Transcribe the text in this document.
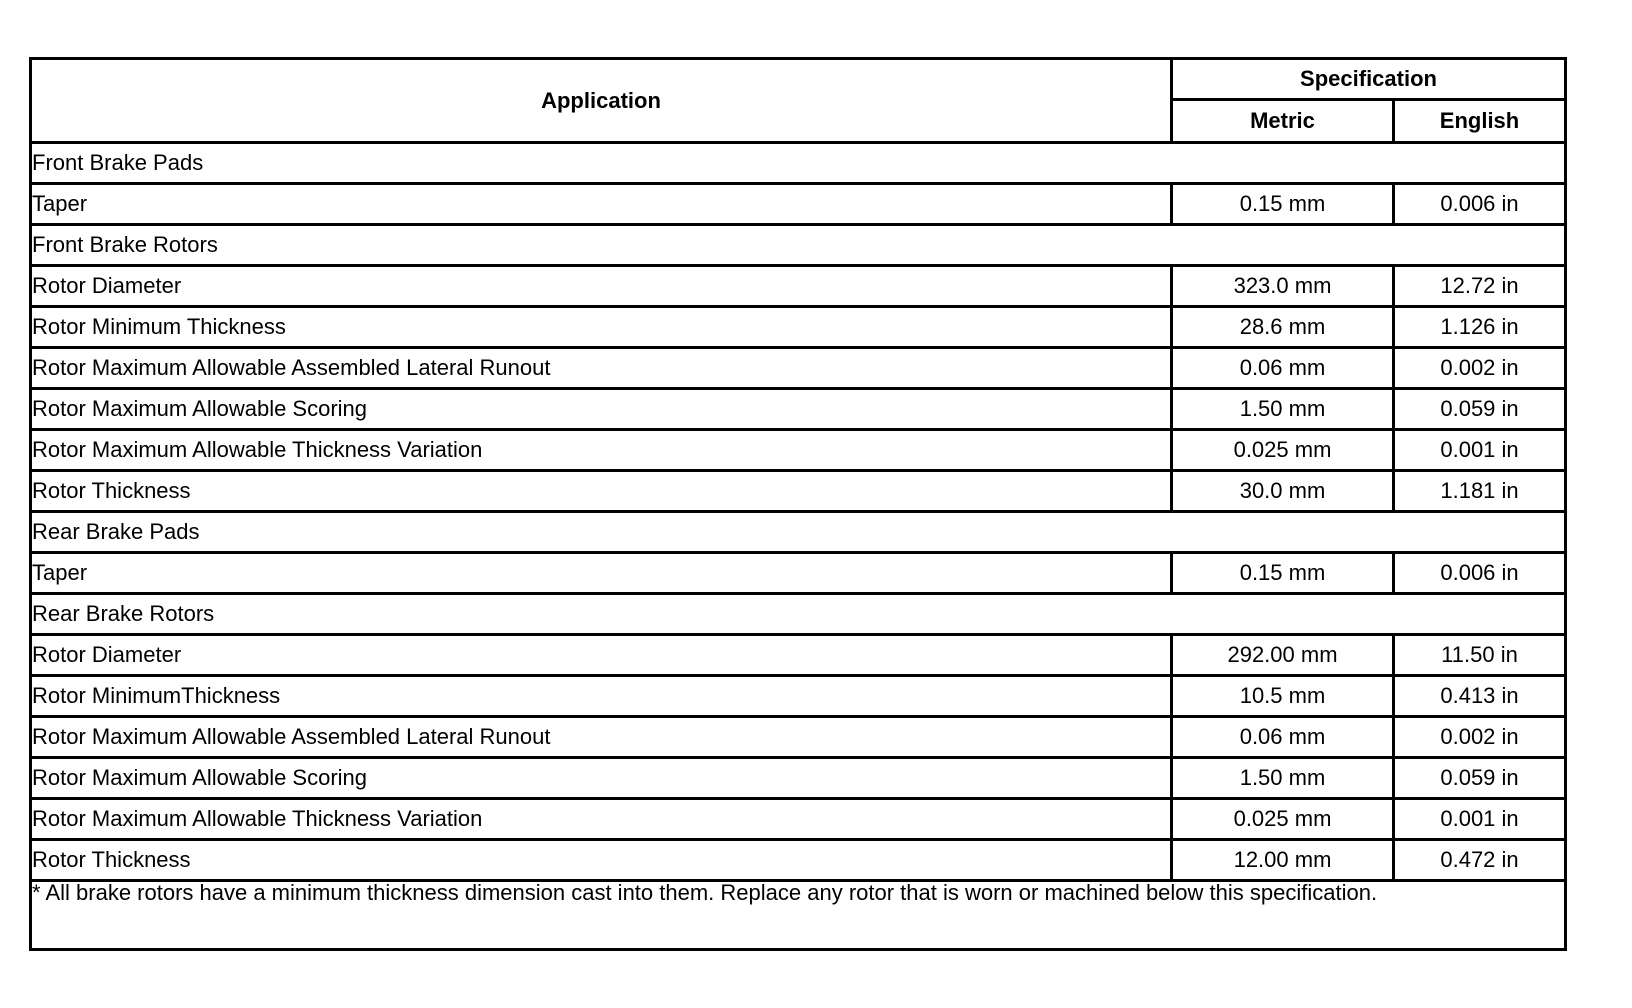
Application	Specification	
	Metric	English
Front Brake Pads		
Taper	0.15 mm	0.006 in
Front Brake Rotors		
Rotor Diameter	323.0 mm	12.72 in
Rotor Minimum Thickness	28.6 mm	1.126 in
Rotor Maximum Allowable Assembled Lateral Runout	0.06 mm	0.002 in
Rotor Maximum Allowable Scoring	1.50 mm	0.059 in
Rotor Maximum Allowable Thickness Variation	0.025 mm	0.001 in
Rotor Thickness	30.0 mm	1.181 in
Rear Brake Pads		
Taper	0.15 mm	0.006 in
Rear Brake Rotors		
Rotor Diameter	292.00 mm	11.50 in
Rotor MinimumThickness	10.5 mm	0.413 in
Rotor Maximum Allowable Assembled Lateral Runout	0.06 mm	0.002 in
Rotor Maximum Allowable Scoring	1.50 mm	0.059 in
Rotor Maximum Allowable Thickness Variation	0.025 mm	0.001 in
Rotor Thickness	12.00 mm	0.472 in
* All brake rotors have a minimum thickness dimension cast into them. Replace any rotor that is worn or machined below this specification.		
